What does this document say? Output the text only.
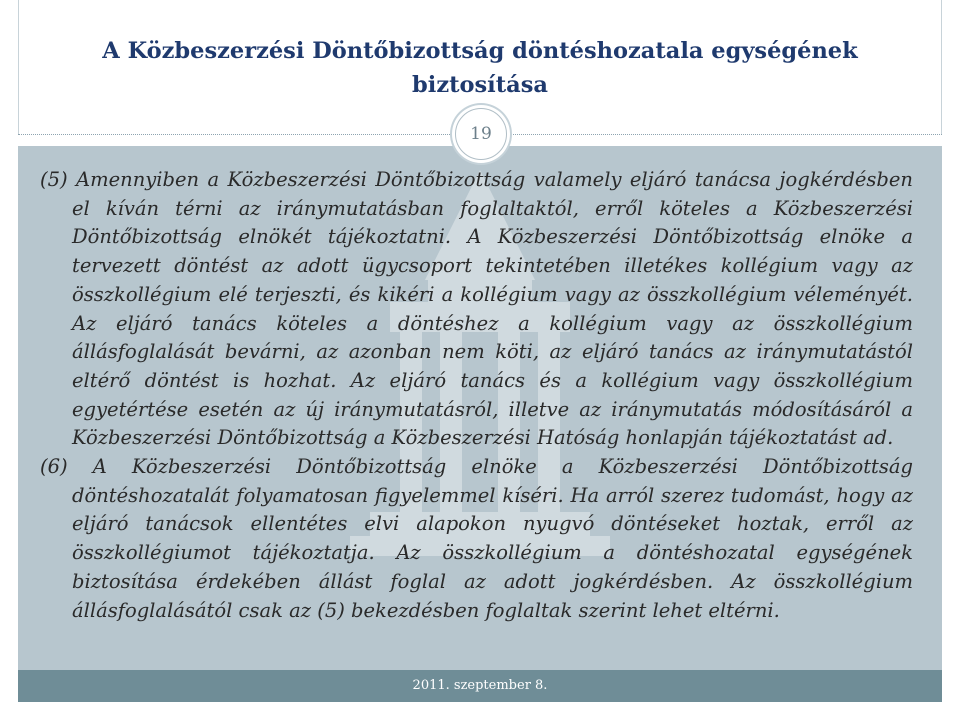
A Közbeszerzési Döntőbizottság döntéshozatala egységének biztosítása
19

(5) Amennyiben a Közbeszerzési Döntőbizottság valamely eljáró tanácsa jogkérdésben el kíván térni az iránymutatásban foglaltaktól, erről köteles a Közbeszerzési Döntőbizottság elnökét tájékoztatni. A Közbeszerzési Döntőbizottság elnöke a tervezett döntést az adott ügycsoport tekintetében illetékes kollégium vagy az összkollégium elé terjeszti, és kikéri a kollégium vagy az összkollégium véleményét. Az eljáró tanács köteles a döntéshez a kollégium vagy az összkollégium állásfoglalását bevárni, az azonban nem köti, az eljáró tanács az iránymutatástól eltérő döntést is hozhat. Az eljáró tanács és a kollégium vagy összkollégium egyetértése esetén az új iránymutatásról, illetve az iránymutatás módosításáról a Közbeszerzési Döntőbizottság a Közbeszerzési Hatóság honlapján tájékoztatást ad.

(6) A Közbeszerzési Döntőbizottság elnöke a Közbeszerzési Döntőbizottság döntéshozatalát folyamatosan figyelemmel kíséri. Ha arról szerez tudomást, hogy az eljáró tanácsok ellentétes elvi alapokon nyugvó döntéseket hoztak, erről az összkollégiumot tájékoztatja. Az összkollégium a döntéshozatal egységének biztosítása érdekében állást foglal az adott jogkérdésben. Az összkollégium állásfoglalásától csak az (5) bekezdésben foglaltak szerint lehet eltérni.

2011. szeptember 8.
